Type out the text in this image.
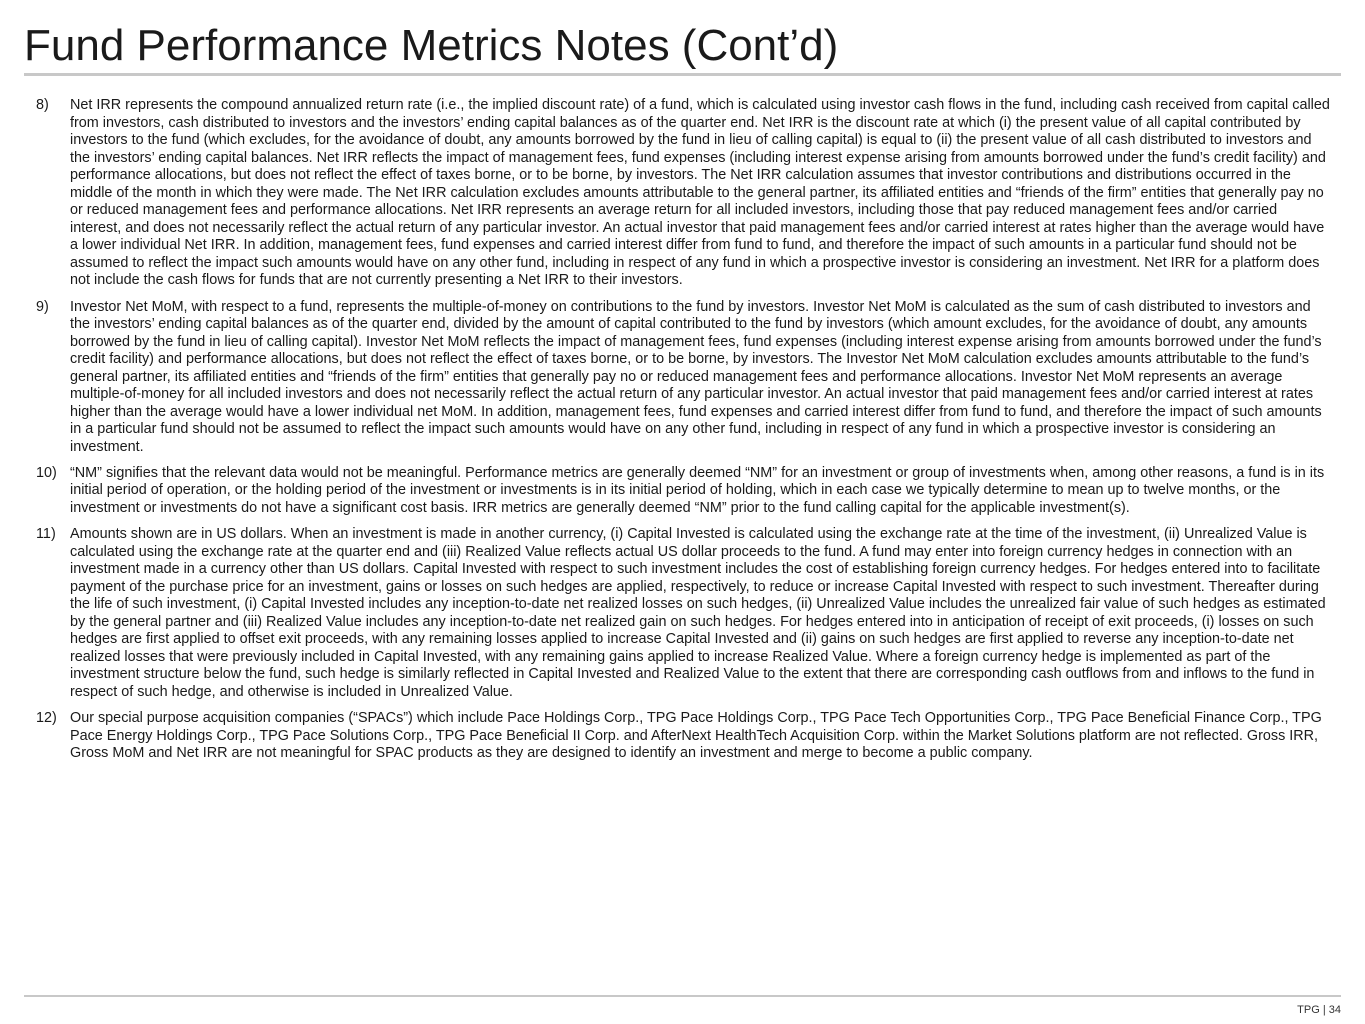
Fund Performance Metrics Notes (Cont’d)
8) Net IRR represents the compound annualized return rate (i.e., the implied discount rate) of a fund, which is calculated using investor cash flows in the fund, including cash received from capital called from investors, cash distributed to investors and the investors’ ending capital balances as of the quarter end. Net IRR is the discount rate at which (i) the present value of all capital contributed by investors to the fund (which excludes, for the avoidance of doubt, any amounts borrowed by the fund in lieu of calling capital) is equal to (ii) the present value of all cash distributed to investors and the investors’ ending capital balances. Net IRR reflects the impact of management fees, fund expenses (including interest expense arising from amounts borrowed under the fund’s credit facility) and performance allocations, but does not reflect the effect of taxes borne, or to be borne, by investors. The Net IRR calculation assumes that investor contributions and distributions occurred in the middle of the month in which they were made. The Net IRR calculation excludes amounts attributable to the general partner, its affiliated entities and “friends of the firm” entities that generally pay no or reduced management fees and performance allocations. Net IRR represents an average return for all included investors, including those that pay reduced management fees and/or carried interest, and does not necessarily reflect the actual return of any particular investor. An actual investor that paid management fees and/or carried interest at rates higher than the average would have a lower individual Net IRR. In addition, management fees, fund expenses and carried interest differ from fund to fund, and therefore the impact of such amounts in a particular fund should not be assumed to reflect the impact such amounts would have on any other fund, including in respect of any fund in which a prospective investor is considering an investment. Net IRR for a platform does not include the cash flows for funds that are not currently presenting a Net IRR to their investors.
9) Investor Net MoM, with respect to a fund, represents the multiple-of-money on contributions to the fund by investors. Investor Net MoM is calculated as the sum of cash distributed to investors and the investors’ ending capital balances as of the quarter end, divided by the amount of capital contributed to the fund by investors (which amount excludes, for the avoidance of doubt, any amounts borrowed by the fund in lieu of calling capital). Investor Net MoM reflects the impact of management fees, fund expenses (including interest expense arising from amounts borrowed under the fund’s credit facility) and performance allocations, but does not reflect the effect of taxes borne, or to be borne, by investors. The Investor Net MoM calculation excludes amounts attributable to the fund’s general partner, its affiliated entities and “friends of the firm” entities that generally pay no or reduced management fees and performance allocations. Investor Net MoM represents an average multiple-of-money for all included investors and does not necessarily reflect the actual return of any particular investor. An actual investor that paid management fees and/or carried interest at rates higher than the average would have a lower individual net MoM. In addition, management fees, fund expenses and carried interest differ from fund to fund, and therefore the impact of such amounts in a particular fund should not be assumed to reflect the impact such amounts would have on any other fund, including in respect of any fund in which a prospective investor is considering an investment.
10) “NM” signifies that the relevant data would not be meaningful. Performance metrics are generally deemed “NM” for an investment or group of investments when, among other reasons, a fund is in its initial period of operation, or the holding period of the investment or investments is in its initial period of holding, which in each case we typically determine to mean up to twelve months, or the investment or investments do not have a significant cost basis. IRR metrics are generally deemed “NM” prior to the fund calling capital for the applicable investment(s).
11) Amounts shown are in US dollars. When an investment is made in another currency, (i) Capital Invested is calculated using the exchange rate at the time of the investment, (ii) Unrealized Value is calculated using the exchange rate at the quarter end and (iii) Realized Value reflects actual US dollar proceeds to the fund. A fund may enter into foreign currency hedges in connection with an investment made in a currency other than US dollars. Capital Invested with respect to such investment includes the cost of establishing foreign currency hedges. For hedges entered into to facilitate payment of the purchase price for an investment, gains or losses on such hedges are applied, respectively, to reduce or increase Capital Invested with respect to such investment. Thereafter during the life of such investment, (i) Capital Invested includes any inception-to-date net realized losses on such hedges, (ii) Unrealized Value includes the unrealized fair value of such hedges as estimated by the general partner and (iii) Realized Value includes any inception-to-date net realized gain on such hedges. For hedges entered into in anticipation of receipt of exit proceeds, (i) losses on such hedges are first applied to offset exit proceeds, with any remaining losses applied to increase Capital Invested and (ii) gains on such hedges are first applied to reverse any inception-to-date net realized losses that were previously included in Capital Invested, with any remaining gains applied to increase Realized Value. Where a foreign currency hedge is implemented as part of the investment structure below the fund, such hedge is similarly reflected in Capital Invested and Realized Value to the extent that there are corresponding cash outflows from and inflows to the fund in respect of such hedge, and otherwise is included in Unrealized Value.
12) Our special purpose acquisition companies (“SPACs”) which include Pace Holdings Corp., TPG Pace Holdings Corp., TPG Pace Tech Opportunities Corp., TPG Pace Beneficial Finance Corp., TPG Pace Energy Holdings Corp., TPG Pace Solutions Corp., TPG Pace Beneficial II Corp. and AfterNext HealthTech Acquisition Corp. within the Market Solutions platform are not reflected. Gross IRR, Gross MoM and Net IRR are not meaningful for SPAC products as they are designed to identify an investment and merge to become a public company.
TPG | 34
